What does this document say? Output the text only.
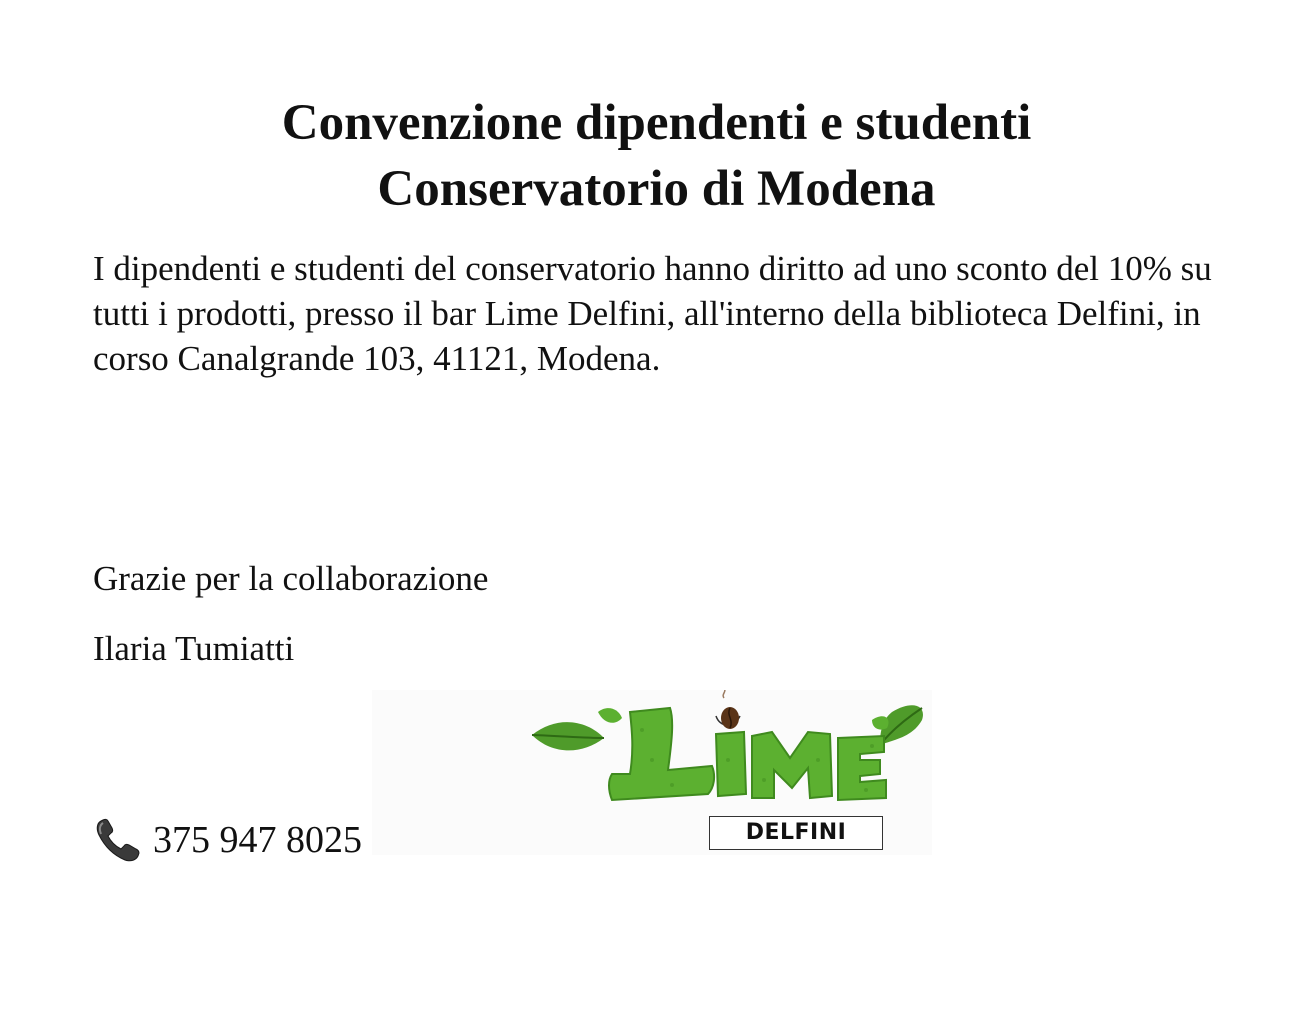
Convenzione dipendenti e studenti
Conservatorio di Modena

I dipendenti e studenti del conservatorio hanno diritto ad uno sconto del 10% su tutti i prodotti, presso il bar Lime Delfini, all'interno della biblioteca Delfini, in corso Canalgrande 103, 41121, Modena.

Grazie per la collaborazione

Ilaria Tumiatti

375 947 8025	DELFINI
